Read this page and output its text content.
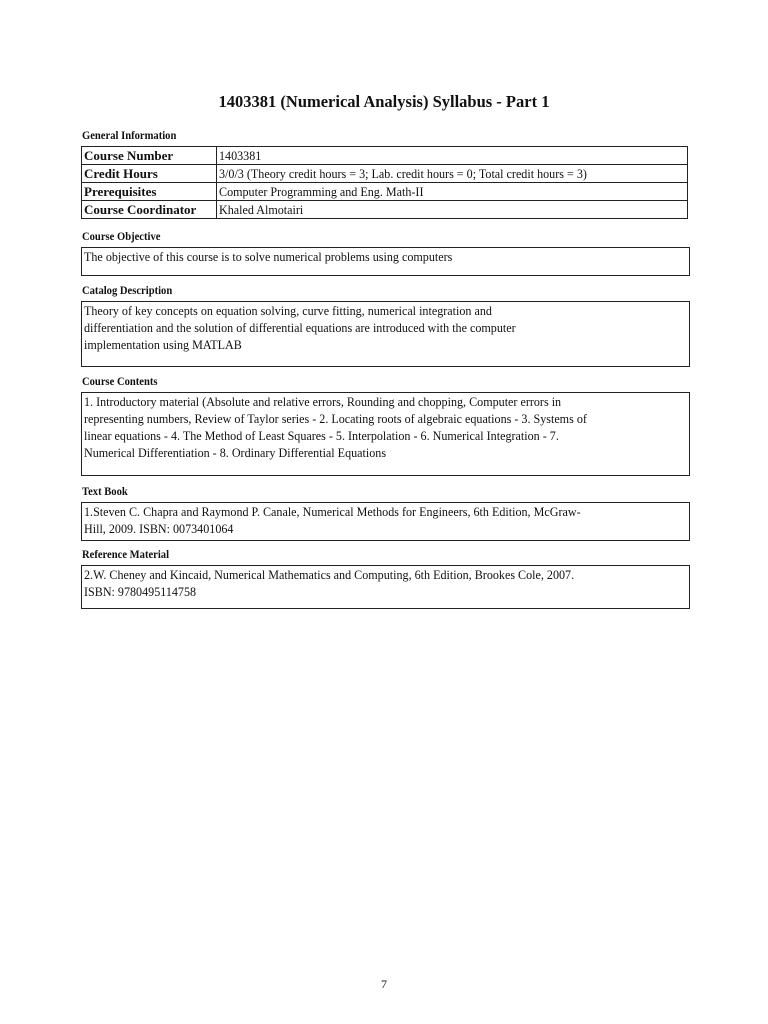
1403381 (Numerical Analysis) Syllabus - Part 1
General Information
Course Number	1403381
Credit Hours	3/0/3 (Theory credit hours = 3; Lab. credit hours = 0; Total credit hours = 3)
Prerequisites	Computer Programming and Eng. Math-II
Course Coordinator	Khaled Almotairi
Course Objective
The objective of this course is to solve numerical problems using computers
Catalog Description
Theory of key concepts on equation solving, curve fitting, numerical integration and
differentiation and the solution of differential equations are introduced with the computer
implementation using MATLAB
Course Contents
1. Introductory material (Absolute and relative errors, Rounding and chopping, Computer errors in
representing numbers, Review of Taylor series - 2. Locating roots of algebraic equations - 3. Systems of
linear equations - 4. The Method of Least Squares - 5. Interpolation - 6. Numerical Integration - 7.
Numerical Differentiation - 8. Ordinary Differential Equations
Text Book
1.Steven C. Chapra and Raymond P. Canale, Numerical Methods for Engineers, 6th Edition, McGraw-
Hill, 2009. ISBN: 0073401064
Reference Material
2.W. Cheney and Kincaid, Numerical Mathematics and Computing, 6th Edition, Brookes Cole, 2007.
ISBN: 9780495114758
7
